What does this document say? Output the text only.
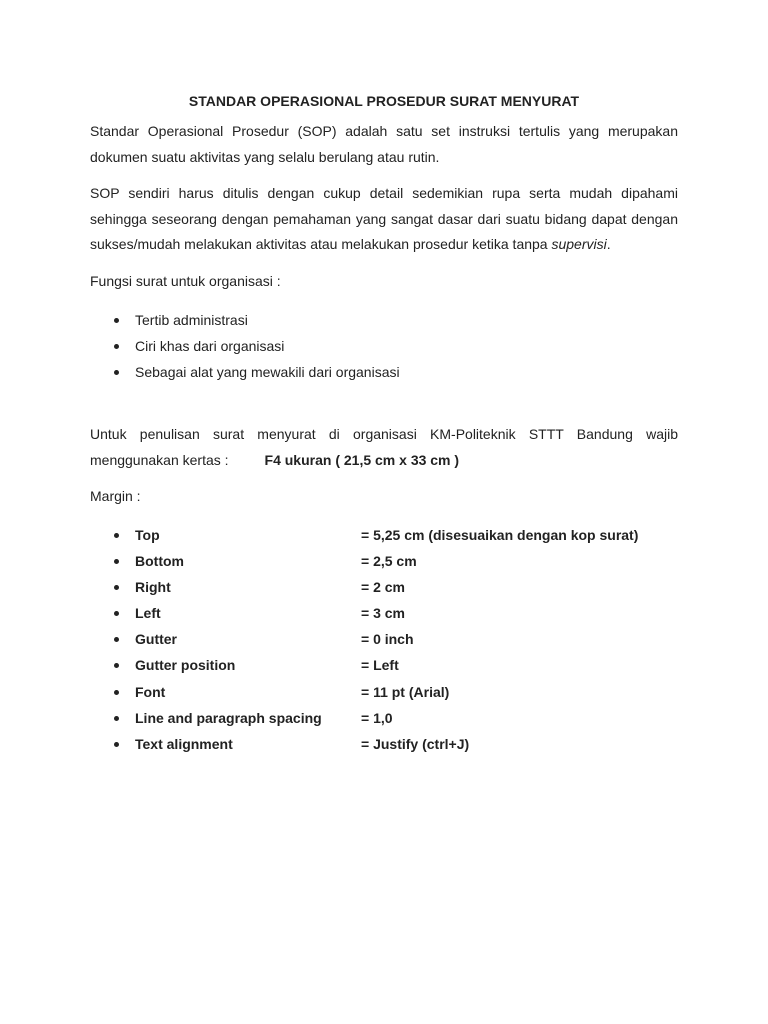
STANDAR OPERASIONAL PROSEDUR SURAT MENYURAT

Standar Operasional Prosedur (SOP) adalah satu set instruksi tertulis yang merupakan dokumen suatu aktivitas yang selalu berulang atau rutin.

SOP sendiri harus ditulis dengan cukup detail sedemikian rupa serta mudah dipahami sehingga seseorang dengan pemahaman yang sangat dasar dari suatu bidang dapat dengan sukses/mudah melakukan aktivitas atau melakukan prosedur ketika tanpa supervisi.

Fungsi surat untuk organisasi :

Tertib administrasi
Ciri khas dari organisasi
Sebagai alat yang mewakili dari organisasi

Untuk penulisan surat menyurat di organisasi KM-Politeknik STTT Bandung wajib menggunakan kertas :	F4 ukuran ( 21,5 cm x 33 cm )

Margin :

Top	= 5,25 cm (disesuaikan dengan kop surat)
Bottom	= 2,5 cm
Right	= 2 cm
Left	= 3 cm
Gutter	= 0 inch
Gutter position	= Left
Font	= 11 pt (Arial)
Line and paragraph spacing	= 1,0
Text alignment	= Justify (ctrl+J)
